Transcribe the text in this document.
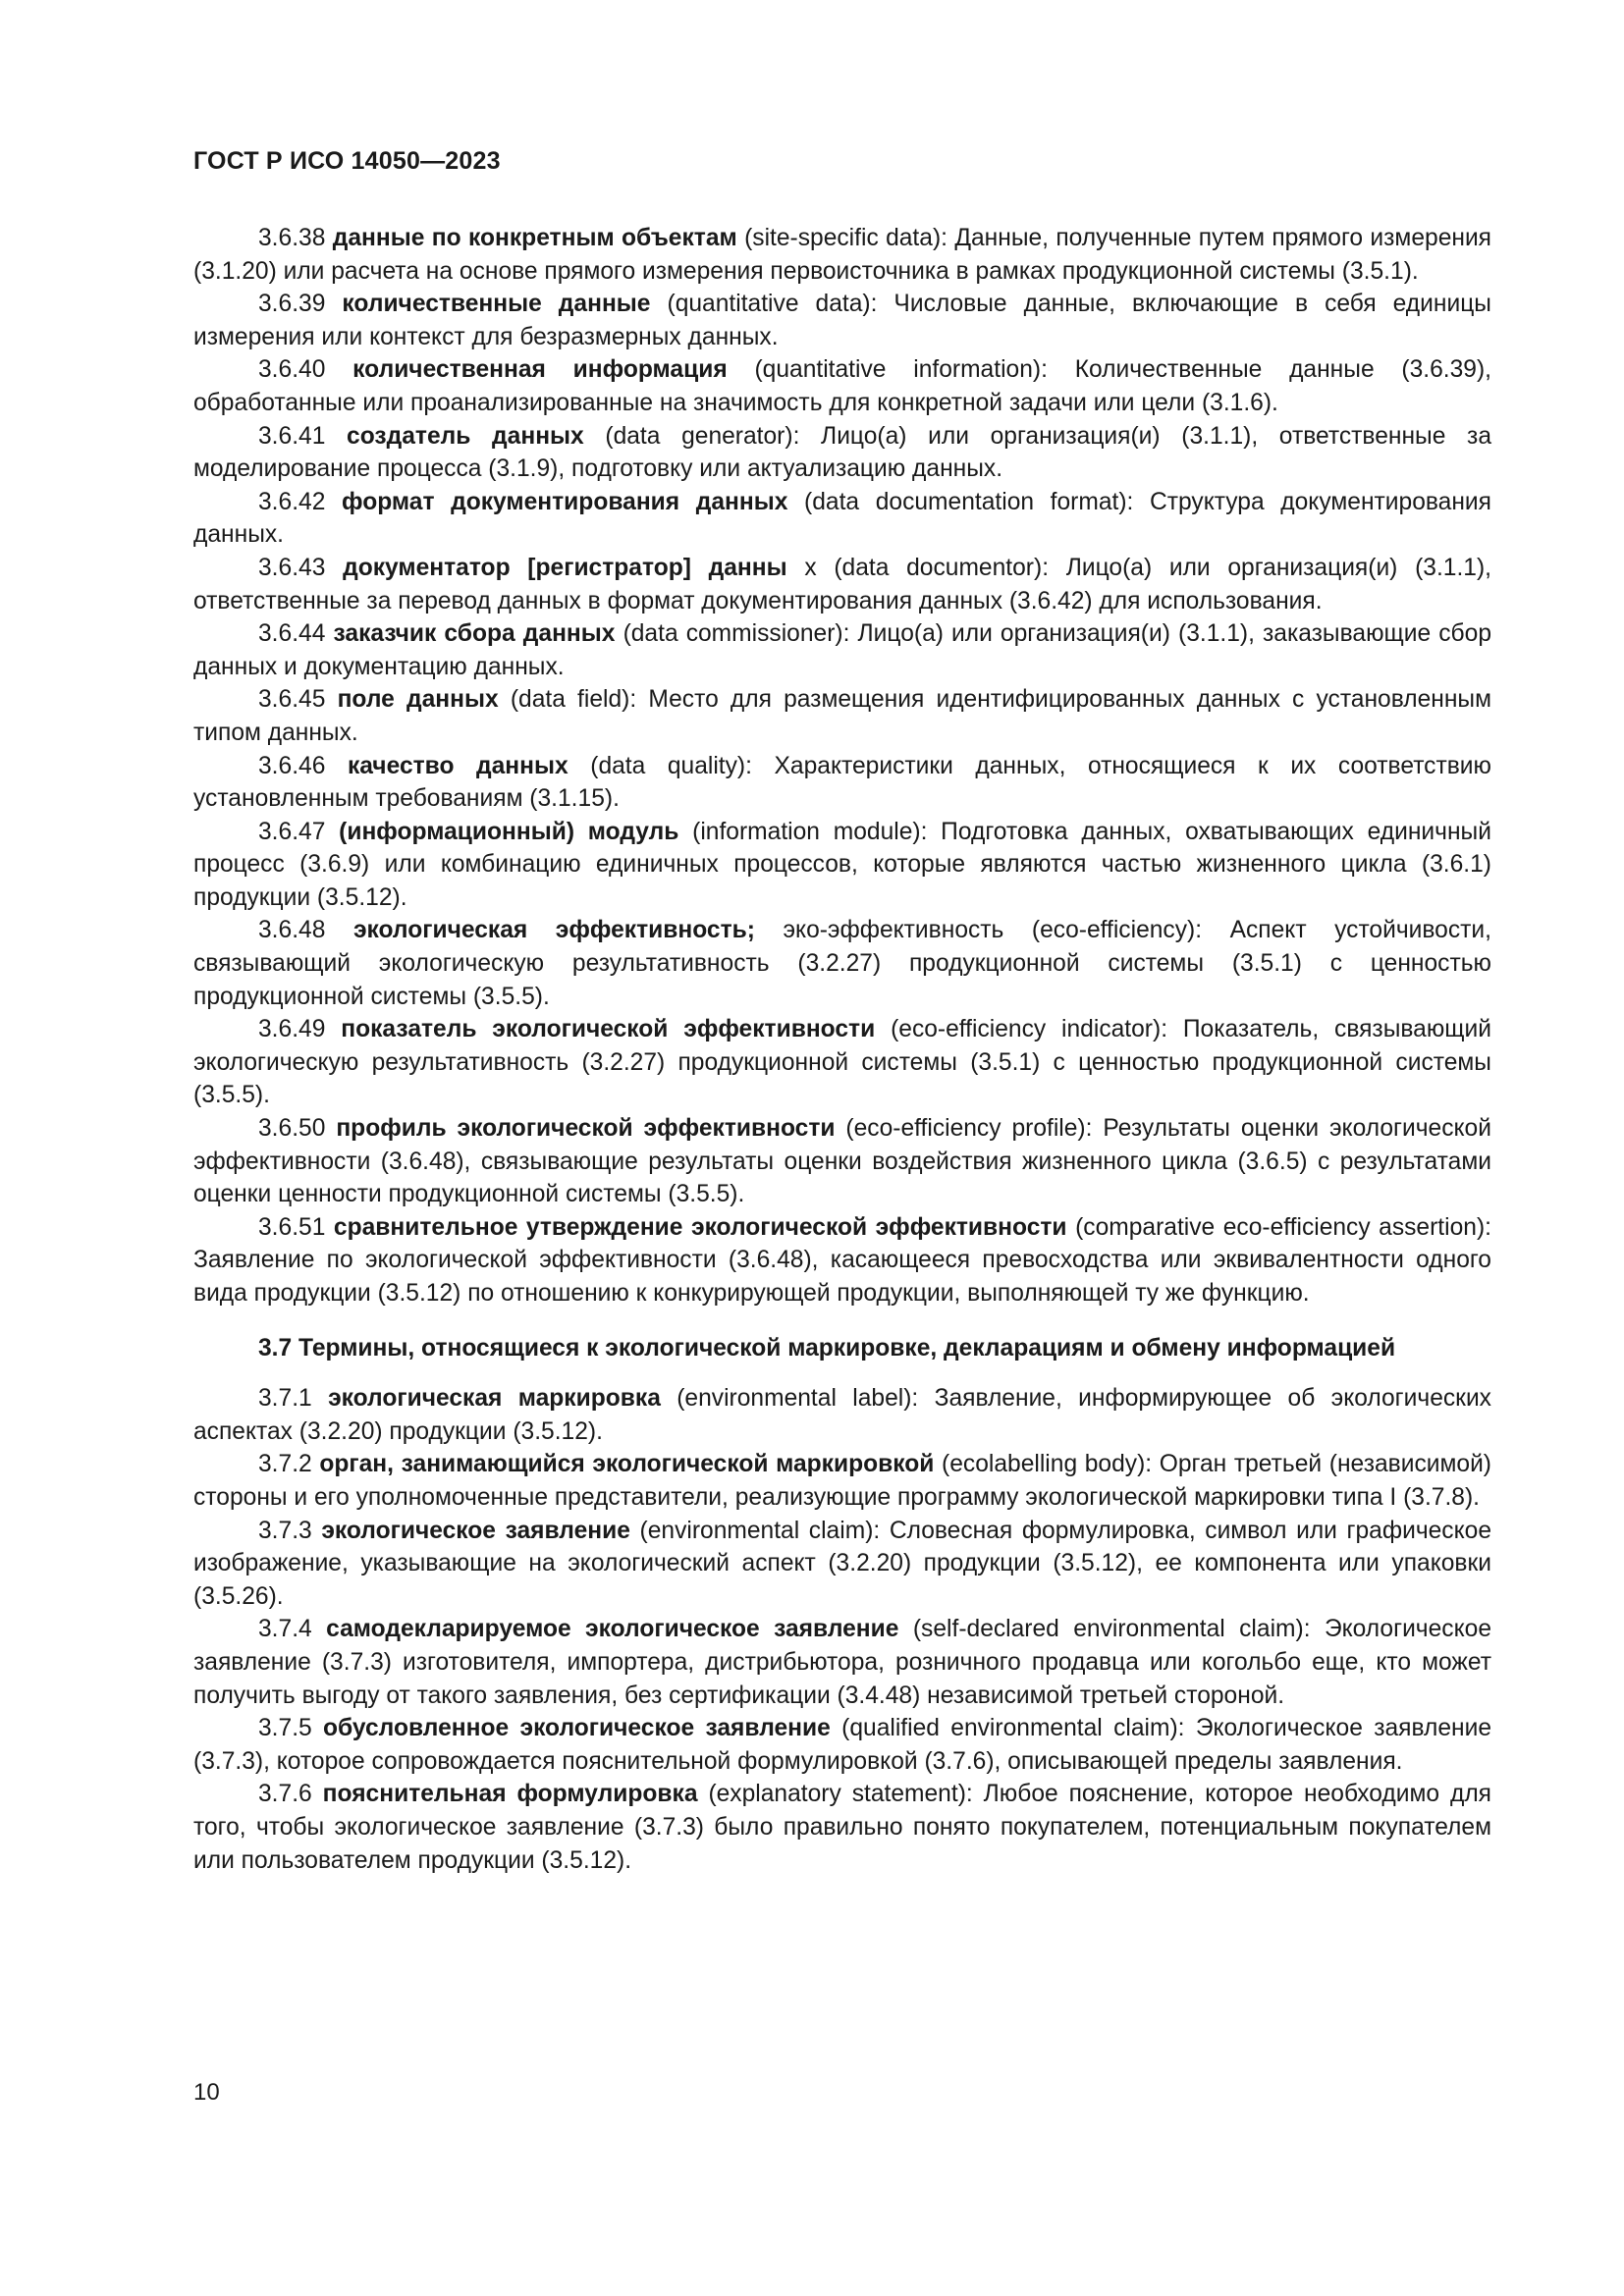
ГОСТ Р ИСО 14050—2023

3.6.38 данные по конкретным объектам (site-specific data): Данные, полученные путем прямого измерения (3.1.20) или расчета на основе прямого измерения первоисточника в рамках продукционной системы (3.5.1).

3.6.39 количественные данные (quantitative data): Числовые данные, включающие в себя единицы измерения или контекст для безразмерных данных.

3.6.40 количественная информация (quantitative information): Количественные данные (3.6.39), обработанные или проанализированные на значимость для конкретной задачи или цели (3.1.6).

3.6.41 создатель данных (data generator): Лицо(а) или организация(и) (3.1.1), ответственные за моделирование процесса (3.1.9), подготовку или актуализацию данных.

3.6.42 формат документирования данных (data documentation format): Структура документирования данных.

3.6.43 документатор [регистратор] данны х (data documentor): Лицо(а) или организация(и) (3.1.1), ответственные за перевод данных в формат документирования данных (3.6.42) для использования.

3.6.44 заказчик сбора данных (data commissioner): Лицо(а) или организация(и) (3.1.1), заказывающие сбор данных и документацию данных.

3.6.45 поле данных (data field): Место для размещения идентифицированных данных с установленным типом данных.

3.6.46 качество данных (data quality): Характеристики данных, относящиеся к их соответствию установленным требованиям (3.1.15).

3.6.47 (информационный) модуль (information module): Подготовка данных, охватывающих единичный процесс (3.6.9) или комбинацию единичных процессов, которые являются частью жизненного цикла (3.6.1) продукции (3.5.12).

3.6.48 экологическая эффективность; эко-эффективность (eco-efficiency): Аспект устойчивости, связывающий экологическую результативность (3.2.27) продукционной системы (3.5.1) с ценностью продукционной системы (3.5.5).

3.6.49 показатель экологической эффективности (eco-efficiency indicator): Показатель, связывающий экологическую результативность (3.2.27) продукционной системы (3.5.1) с ценностью продукционной системы (3.5.5).

3.6.50 профиль экологической эффективности (eco-efficiency profile): Результаты оценки экологической эффективности (3.6.48), связывающие результаты оценки воздействия жизненного цикла (3.6.5) с результатами оценки ценности продукционной системы (3.5.5).

3.6.51 сравнительное утверждение экологической эффективности (comparative eco-efficiency assertion): Заявление по экологической эффективности (3.6.48), касающееся превосходства или эквивалентности одного вида продукции (3.5.12) по отношению к конкурирующей продукции, выполняющей ту же функцию.

3.7 Термины, относящиеся к экологической маркировке, декларациям и обмену информацией

3.7.1 экологическая маркировка (environmental label): Заявление, информирующее об экологических аспектах (3.2.20) продукции (3.5.12).

3.7.2 орган, занимающийся экологической маркировкой (ecolabelling body): Орган третьей (независимой) стороны и его уполномоченные представители, реализующие программу экологической маркировки типа I (3.7.8).

3.7.3 экологическое заявление (environmental claim): Словесная формулировка, символ или графическое изображение, указывающие на экологический аспект (3.2.20) продукции (3.5.12), ее компонента или упаковки (3.5.26).

3.7.4 самодекларируемое экологическое заявление (self-declared environmental claim): Экологическое заявление (3.7.3) изготовителя, импортера, дистрибьютора, розничного продавца или когольбо еще, кто может получить выгоду от такого заявления, без сертификации (3.4.48) независимой третьей стороной.

3.7.5 обусловленное экологическое заявление (qualified environmental claim): Экологическое заявление (3.7.3), которое сопровождается пояснительной формулировкой (3.7.6), описывающей пределы заявления.

3.7.6 пояснительная формулировка (explanatory statement): Любое пояснение, которое необходимо для того, чтобы экологическое заявление (3.7.3) было правильно понято покупателем, потенциальным покупателем или пользователем продукции (3.5.12).

10
